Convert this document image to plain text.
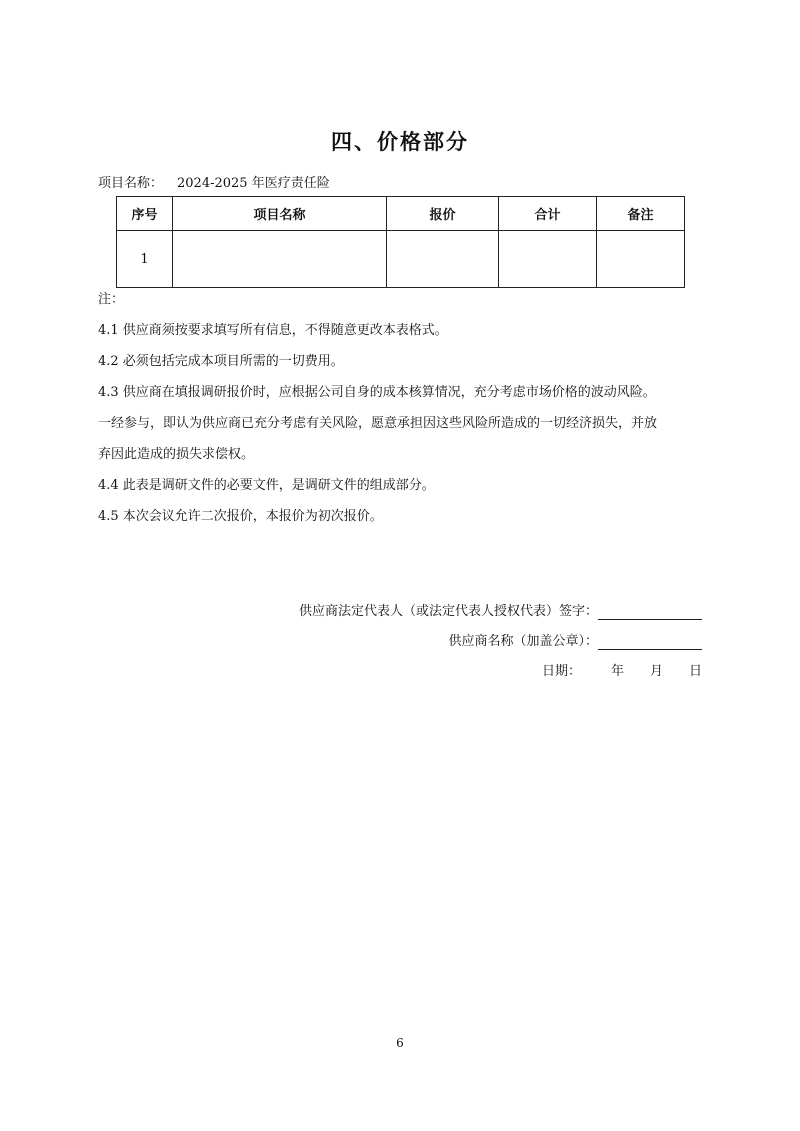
四、价格部分
项目名称： 2024-2025 年医疗责任险
序号	项目名称	报价	合计	备注
1				

注：

4.1 供应商须按要求填写所有信息，不得随意更改本表格式。

4.2 必须包括完成本项目所需的一切费用。

4.3 供应商在填报调研报价时，应根据公司自身的成本核算情况，充分考虑市场价格的波动风险。

一经参与，即认为供应商已充分考虑有关风险，愿意承担因这些风险所造成的一切经济损失，并放

弃因此造成的损失求偿权。

4.4 此表是调研文件的必要文件，是调研文件的组成部分。

4.5 本次会议允许二次报价，本报价为初次报价。

供应商法定代表人（或法定代表人授权代表）签字：
供应商名称（加盖公章）：
日期： 年 月 日
6
